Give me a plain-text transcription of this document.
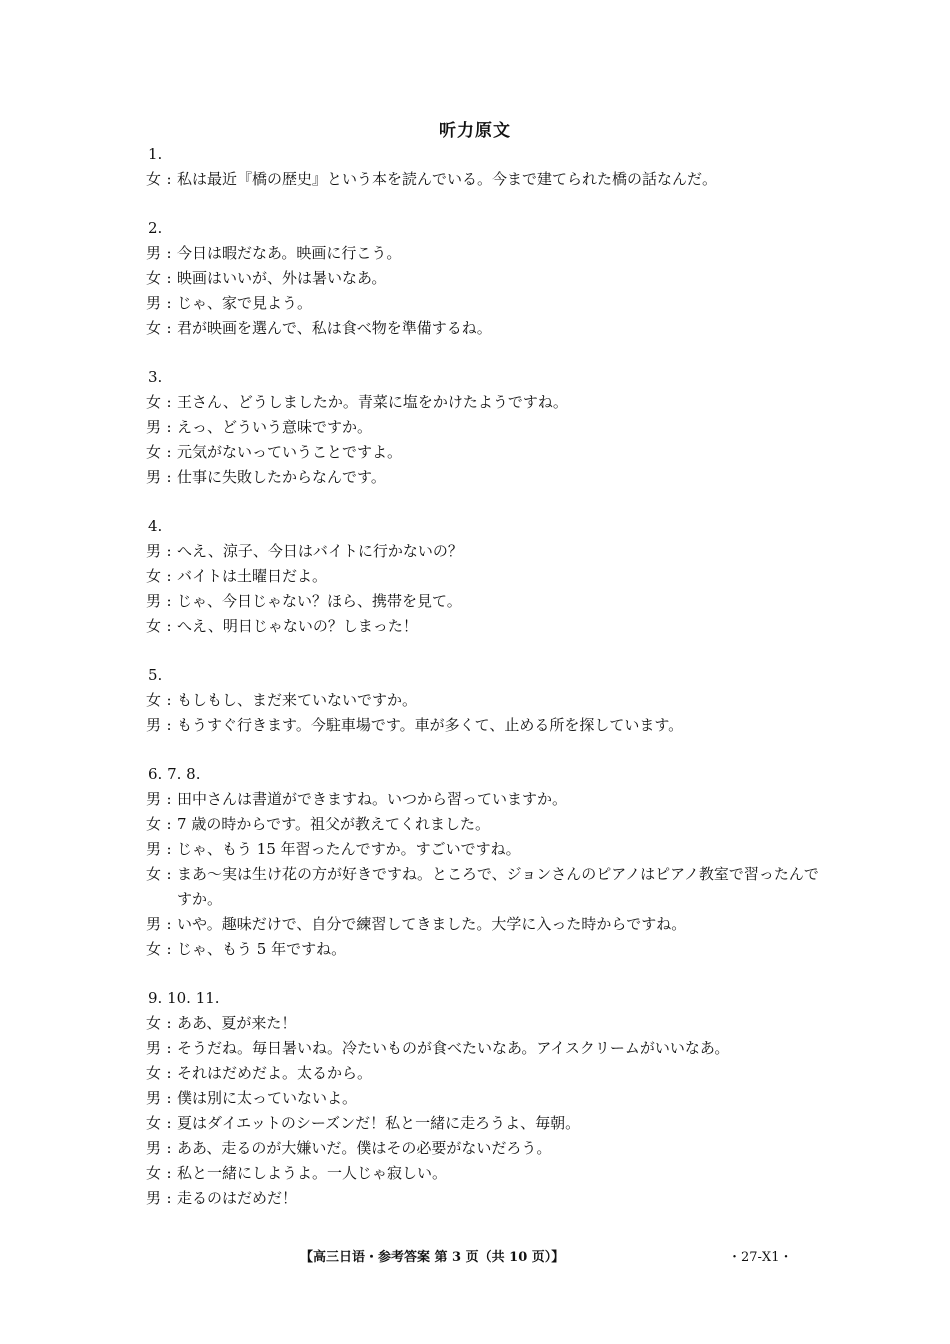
听力原文
1.
女 : 私は最近『橋の歴史』という本を読んでいる。今まで建てられた橋の話なんだ。
2.
男 : 今日は暇だなあ。映画に行こう。
女 : 映画はいいが、外は暑いなあ。
男 : じゃ、家で見よう。
女 : 君が映画を選んで、私は食べ物を準備するね。
3.
女 : 王さん、どうしましたか。青菜に塩をかけたようですね。
男 : えっ、どういう意味ですか。
女 : 元気がないっていうことですよ。
男 : 仕事に失敗したからなんです。
4.
男 : へえ、涼子、今日はバイトに行かないの？
女 : バイトは土曜日だよ。
男 : じゃ、今日じゃない？ほら、携帯を見て。
女 : へえ、明日じゃないの？しまった！
5.
女 : もしもし、まだ来ていないですか。
男 : もうすぐ行きます。今駐車場です。車が多くて、止める所を探しています。
6. 7. 8.
男 : 田中さんは書道ができますね。いつから習っていますか。
女 : 7 歳の時からです。祖父が教えてくれました。
男 : じゃ、もう 15 年習ったんですか。すごいですね。
女 : まあ～実は生け花の方が好きですね。ところで、ジョンさんのピアノはピアノ教室で習ったんですか。
男 : いや。趣味だけで、自分で練習してきました。大学に入った時からですね。
女 : じゃ、もう 5 年ですね。
9. 10. 11.
女 : ああ、夏が来た！
男 : そうだね。毎日暑いね。冷たいものが食べたいなあ。アイスクリームがいいなあ。
女 : それはだめだよ。太るから。
男 : 僕は別に太っていないよ。
女 : 夏はダイエットのシーズンだ！私と一緒に走ろうよ、毎朝。
男 : ああ、走るのが大嫌いだ。僕はその必要がないだろう。
女 : 私と一緒にしようよ。一人じゃ寂しい。
男 : 走るのはだめだ！
【高三日语・参考答案 第 3 页（共 10 页）】	・27-X1・
